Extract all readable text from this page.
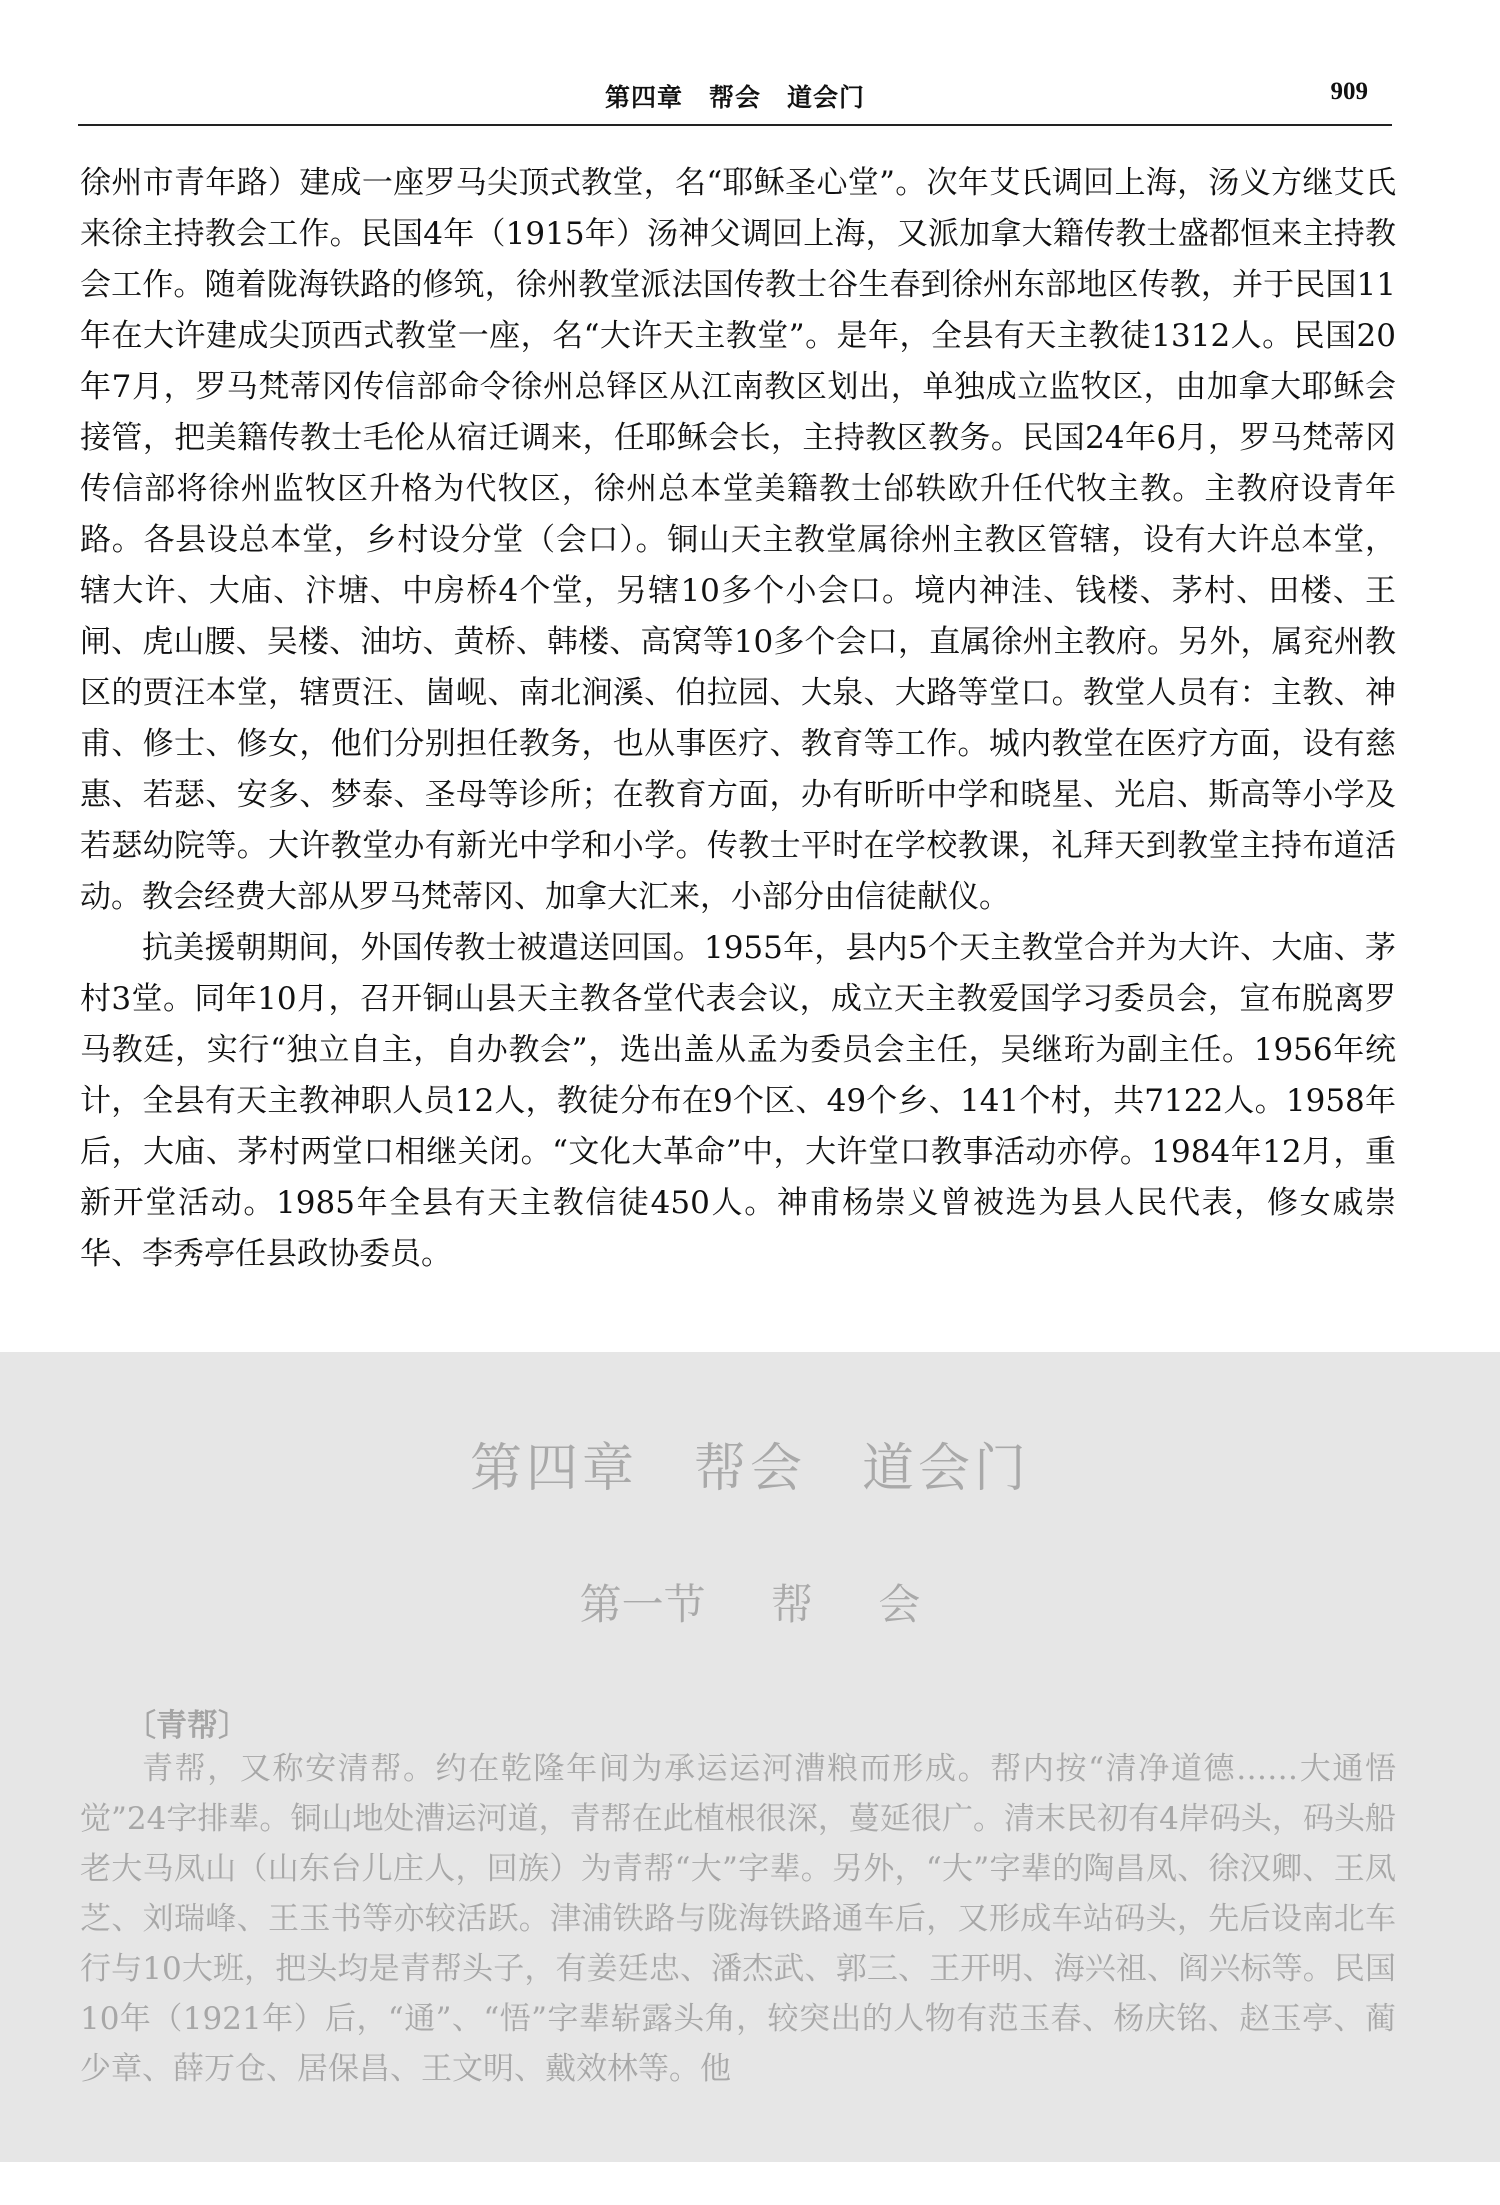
第四章　帮会　道会门	909

徐州市青年路）建成一座罗马尖顶式教堂，名“耶稣圣心堂”。次年艾氏调回上海，汤义方继艾氏来徐主持教会工作。民国4年（1915年）汤神父调回上海，又派加拿大籍传教士盛都恒来主持教会工作。随着陇海铁路的修筑，徐州教堂派法国传教士谷生春到徐州东部地区传教，并于民国11年在大许建成尖顶西式教堂一座，名“大许天主教堂”。是年，全县有天主教徒1312人。民国20年7月，罗马梵蒂冈传信部命令徐州总铎区从江南教区划出，单独成立监牧区，由加拿大耶稣会接管，把美籍传教士毛伦从宿迁调来，任耶稣会长，主持教区教务。民国24年6月，罗马梵蒂冈传信部将徐州监牧区升格为代牧区，徐州总本堂美籍教士邰轶欧升任代牧主教。主教府设青年路。各县设总本堂，乡村设分堂（会口）。铜山天主教堂属徐州主教区管辖，设有大许总本堂，辖大许、大庙、汴塘、中房桥4个堂，另辖10多个小会口。境内神洼、钱楼、茅村、田楼、王闸、虎山腰、吴楼、油坊、黄桥、韩楼、高窝等10多个会口，直属徐州主教府。另外，属兖州教区的贾汪本堂，辖贾汪、崮岘、南北涧溪、伯拉园、大泉、大路等堂口。教堂人员有：主教、神甫、修士、修女，他们分别担任教务，也从事医疗、教育等工作。城内教堂在医疗方面，设有慈惠、若瑟、安多、梦泰、圣母等诊所；在教育方面，办有昕昕中学和晓星、光启、斯高等小学及若瑟幼院等。大许教堂办有新光中学和小学。传教士平时在学校教课，礼拜天到教堂主持布道活动。教会经费大部从罗马梵蒂冈、加拿大汇来，小部分由信徒献仪。

抗美援朝期间，外国传教士被遣送回国。1955年，县内5个天主教堂合并为大许、大庙、茅村3堂。同年10月，召开铜山县天主教各堂代表会议，成立天主教爱国学习委员会，宣布脱离罗马教廷，实行“独立自主，自办教会”，选出盖从孟为委员会主任，吴继珩为副主任。1956年统计，全县有天主教神职人员12人，教徒分布在9个区、49个乡、141个村，共7122人。1958年后，大庙、茅村两堂口相继关闭。“文化大革命”中，大许堂口教事活动亦停。1984年12月，重新开堂活动。1985年全县有天主教信徒450人。神甫杨崇义曾被选为县人民代表，修女戚崇华、李秀亭任县政协委员。

第四章　帮会　道会门
第一节 帮 会
〔青帮〕

青帮，又称安清帮。约在乾隆年间为承运运河漕粮而形成。帮内按“清净道德……大通悟觉”24字排辈。铜山地处漕运河道，青帮在此植根很深，蔓延很广。清末民初有4岸码头，码头船老大马凤山（山东台儿庄人，回族）为青帮“大”字辈。另外，“大”字辈的陶昌凤、徐汉卿、王凤芝、刘瑞峰、王玉书等亦较活跃。津浦铁路与陇海铁路通车后，又形成车站码头，先后设南北车行与10大班，把头均是青帮头子，有姜廷忠、潘杰武、郭三、王开明、海兴祖、阎兴标等。民国10年（1921年）后，“通”、“悟”字辈崭露头角，较突出的人物有范玉春、杨庆铭、赵玉亭、蔺少章、薛万仓、居保昌、王文明、戴效林等。他
